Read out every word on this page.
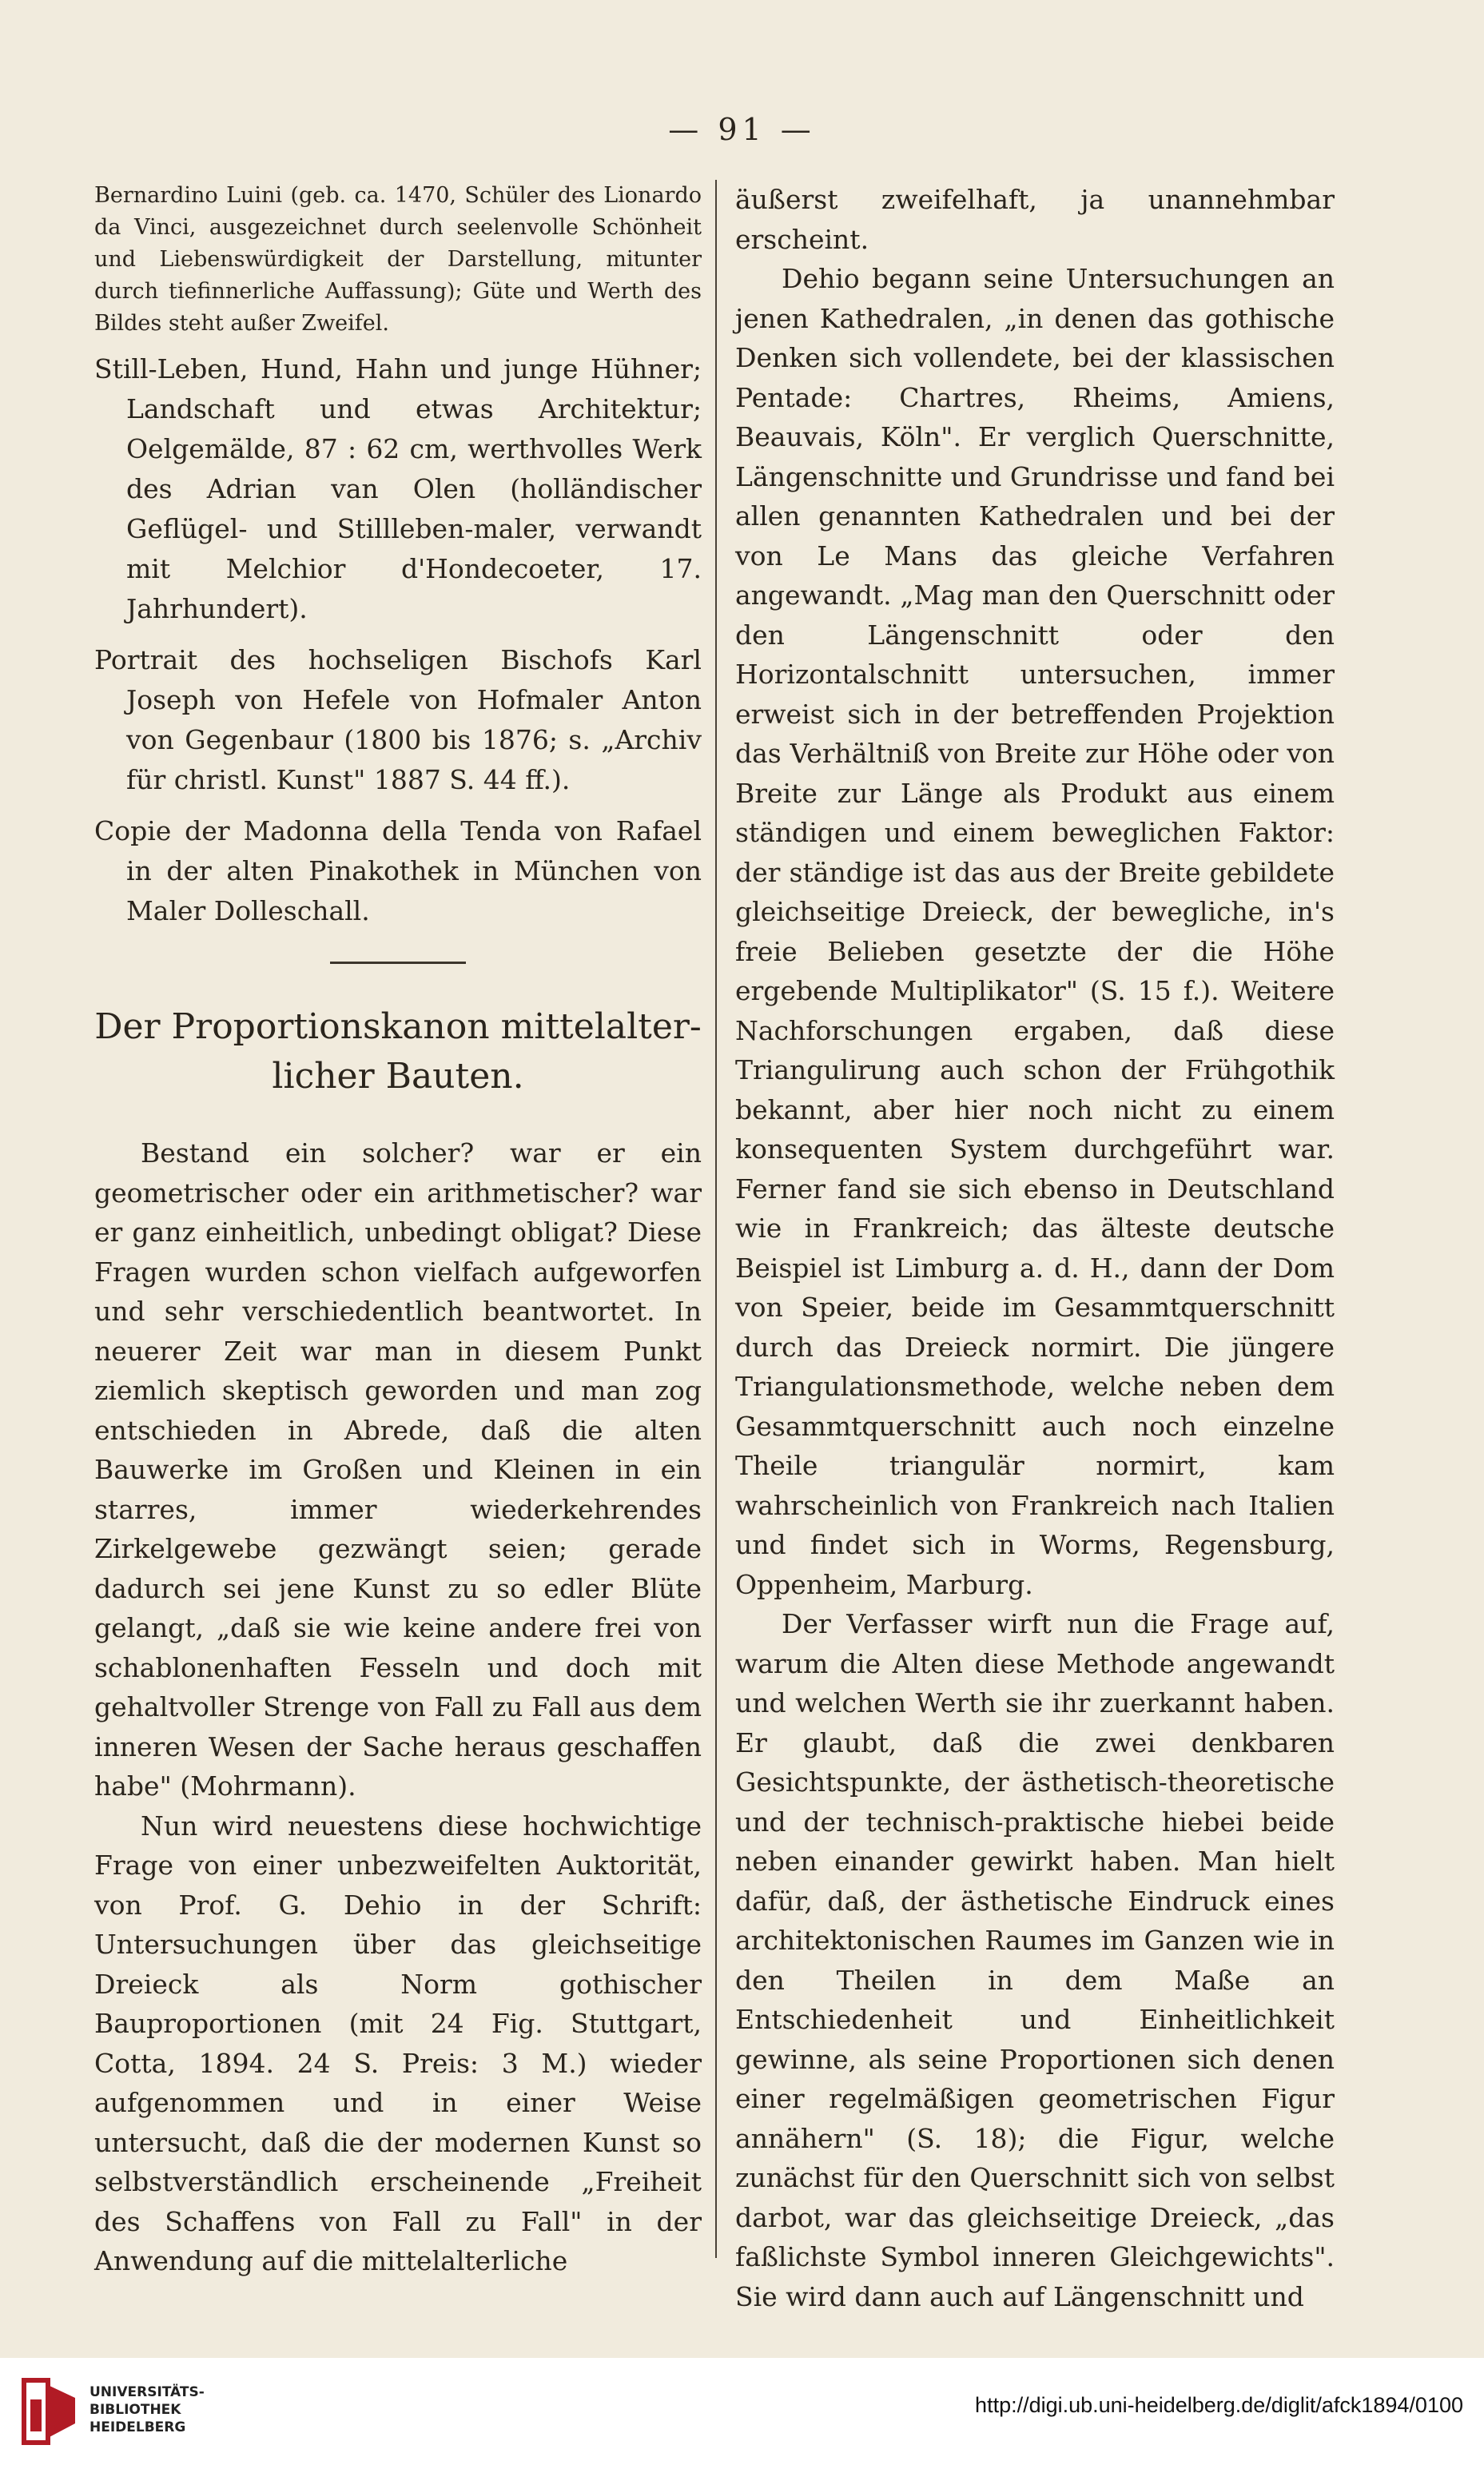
— 91 —

Bernardino Luini (geb. ca. 1470, Schüler des Lionardo da Vinci, ausgezeichnet durch seelenvolle Schönheit und Liebenswürdigkeit der Darstellung, mitunter durch tiefinnerliche Auffassung); Güte und Werth des Bildes steht außer Zweifel.

Still-Leben, Hund, Hahn und junge Hühner; Landschaft und etwas Architektur; Oelgemälde, 87 : 62 cm, werthvolles Werk des Adrian van Olen (holländischer Geflügel- und Stillleben-maler, verwandt mit Melchior d'Hondecoeter, 17. Jahrhundert).

Portrait des hochseligen Bischofs Karl Joseph von Hefele von Hofmaler Anton von Gegenbaur (1800 bis 1876; s. „Archiv für christl. Kunst" 1887 S. 44 ff.).

Copie der Madonna della Tenda von Rafael in der alten Pinakothek in München von Maler Dolleschall.

Der Proportionskanon mittelalter-
licher Bauten.

Bestand ein solcher? war er ein geometrischer oder ein arithmetischer? war er ganz einheitlich, unbedingt obligat? Diese Fragen wurden schon vielfach aufgeworfen und sehr verschiedentlich beantwortet. In neuerer Zeit war man in diesem Punkt ziemlich skeptisch geworden und man zog entschieden in Abrede, daß die alten Bauwerke im Großen und Kleinen in ein starres, immer wiederkehrendes Zirkelgewebe gezwängt seien; gerade dadurch sei jene Kunst zu so edler Blüte gelangt, „daß sie wie keine andere frei von schablonenhaften Fesseln und doch mit gehaltvoller Strenge von Fall zu Fall aus dem inneren Wesen der Sache heraus geschaffen habe" (Mohrmann).

Nun wird neuestens diese hochwichtige Frage von einer unbezweifelten Auktorität, von Prof. G. Dehio in der Schrift: Untersuchungen über das gleichseitige Dreieck als Norm gothischer Bauproportionen (mit 24 Fig. Stuttgart, Cotta, 1894. 24 S. Preis: 3 M.) wieder aufgenommen und in einer Weise untersucht, daß die der modernen Kunst so selbstverständlich erscheinende „Freiheit des Schaffens von Fall zu Fall" in der Anwendung auf die mittelalterliche

äußerst zweifelhaft, ja unannehmbar erscheint.

Dehio begann seine Untersuchungen an jenen Kathedralen, „in denen das gothische Denken sich vollendete, bei der klassischen Pentade: Chartres, Rheims, Amiens, Beauvais, Köln". Er verglich Querschnitte, Längenschnitte und Grundrisse und fand bei allen genannten Kathedralen und bei der von Le Mans das gleiche Verfahren angewandt. „Mag man den Querschnitt oder den Längenschnitt oder den Horizontalschnitt untersuchen, immer erweist sich in der betreffenden Projektion das Verhältniß von Breite zur Höhe oder von Breite zur Länge als Produkt aus einem ständigen und einem beweglichen Faktor: der ständige ist das aus der Breite gebildete gleichseitige Dreieck, der bewegliche, in's freie Belieben gesetzte der die Höhe ergebende Multiplikator" (S. 15 f.). Weitere Nachforschungen ergaben, daß diese Triangulirung auch schon der Frühgothik bekannt, aber hier noch nicht zu einem konsequenten System durchgeführt war. Ferner fand sie sich ebenso in Deutschland wie in Frankreich; das älteste deutsche Beispiel ist Limburg a. d. H., dann der Dom von Speier, beide im Gesammtquerschnitt durch das Dreieck normirt. Die jüngere Triangulationsmethode, welche neben dem Gesammtquerschnitt auch noch einzelne Theile triangulär normirt, kam wahrscheinlich von Frankreich nach Italien und findet sich in Worms, Regensburg, Oppenheim, Marburg.

Der Verfasser wirft nun die Frage auf, warum die Alten diese Methode angewandt und welchen Werth sie ihr zuerkannt haben. Er glaubt, daß die zwei denkbaren Gesichtspunkte, der ästhetisch-theoretische und der technisch-praktische hiebei beide neben einander gewirkt haben. Man hielt dafür, daß, der ästhetische Eindruck eines architektonischen Raumes im Ganzen wie in den Theilen in dem Maße an Entschiedenheit und Einheitlichkeit gewinne, als seine Proportionen sich denen einer regelmäßigen geometrischen Figur annähern" (S. 18); die Figur, welche zunächst für den Querschnitt sich von selbst darbot, war das gleichseitige Dreieck, „das faßlichste Symbol inneren Gleichgewichts". Sie wird dann auch auf Längenschnitt und

UNIVERSITÄTS-
BIBLIOTHEK
HEIDELBERG
http://digi.ub.uni-heidelberg.de/diglit/afck1894/0100
